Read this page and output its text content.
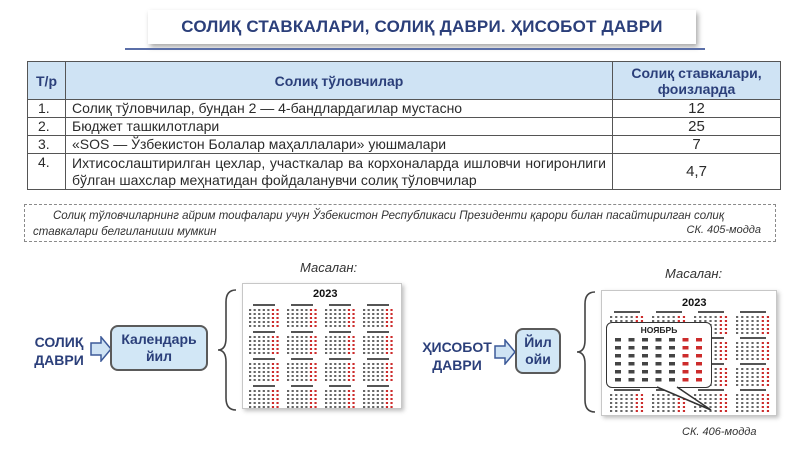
СОЛИҚ СТАВКАЛАРИ, СОЛИҚ ДАВРИ. ҲИСОБОТ ДАВРИ
Т/р	Солиқ тўловчилар	Солиқ ставкалари, фоизларда
1.	Солиқ тўловчилар, бундан 2 — 4-бандлардагилар мустасно	12
2.	Бюджет ташкилотлари	25
3.	«SOS — Ўзбекистон Болалар маҳаллалари» уюшмалари	7
4.	Ихтисослаштирилган цехлар, участкалар ва корхоналарда ишловчи ногиронлиги бўлган шахслар меҳнатидан фойдаланувчи солиқ тўловчилар	4,7
Солиқ тўловчиларнинг айрим тоифалари учун Ўзбекистон Республикаси Президенти қарори билан пасайтирилган солиқ ставкалари белгиланиши мумкин	СК. 405-модда
Масалан:
СОЛИҚ ДАВРИ
Календарь йил
2023
Масалан:
ҲИСОБОТ ДАВРИ
Йил ойи
2023
НОЯБРЬ
СК. 406-модда
